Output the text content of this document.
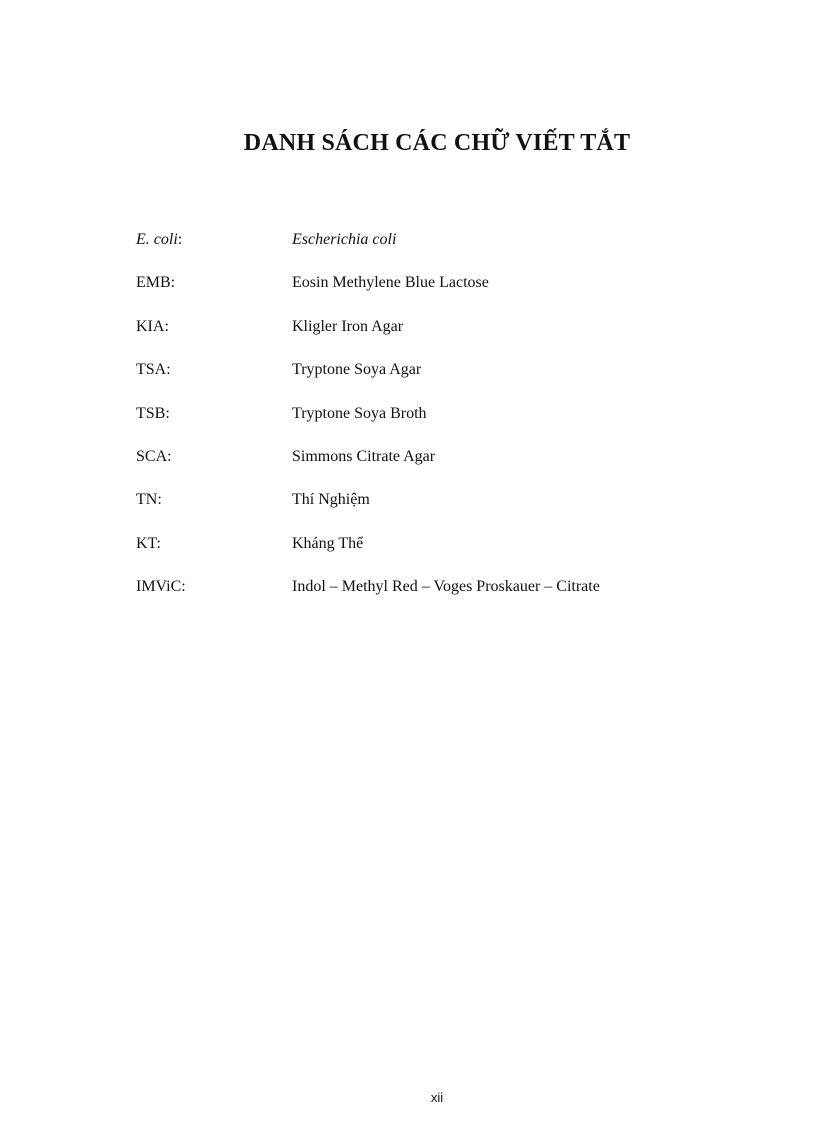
DANH SÁCH CÁC CHỮ VIẾT TẮT
E. coli:	Escherichia coli
EMB:	Eosin Methylene Blue Lactose
KIA:	Kligler Iron Agar
TSA:	Tryptone Soya Agar
TSB:	Tryptone Soya Broth
SCA:	Simmons Citrate Agar
TN:	Thí Nghiệm
KT:	Kháng Thể
IMViC:	Indol – Methyl Red – Voges Proskauer – Citrate
xii
